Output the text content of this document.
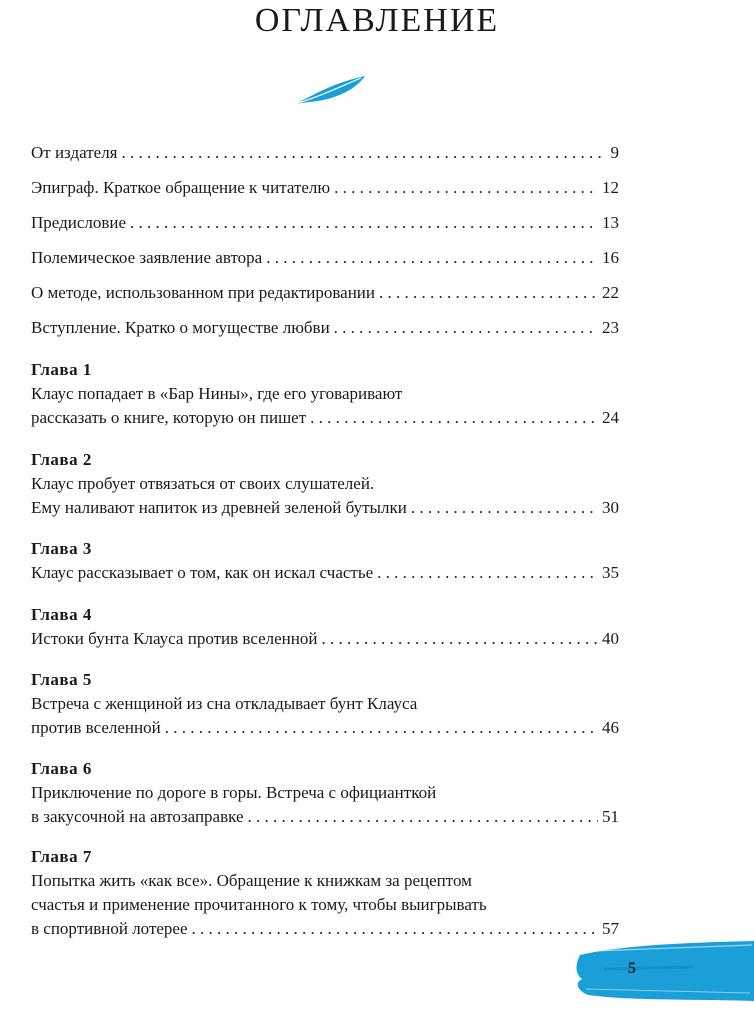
ОГЛАВЛЕНИЕ
От издателя . . .	9
Эпиграф. Краткое обращение к читателю . . .	12
Предисловие . . .	13
Полемическое заявление автора . . .	16
О методе, использованном при редактировании . . .	22
Вступление. Кратко о могуществе любви . . .	23
Глава 1
Клаус попадает в «Бар Нины», где его уговаривают
рассказать о книге, которую он пишет . . .	24
Глава 2
Клаус пробует отвязаться от своих слушателей.
Ему наливают напиток из древней зеленой бутылки . . .	30
Глава 3
Клаус рассказывает о том, как он искал счастье . . .	35
Глава 4
Истоки бунта Клауса против вселенной . . .	40
Глава 5
Встреча с женщиной из сна откладывает бунт Клауса
против вселенной . . .	46
Глава 6
Приключение по дороге в горы. Встреча с официанткой
в закусочной на автозаправке . . .	51
Глава 7
Попытка жить «как все». Обращение к книжкам за рецептом
счастья и применение прочитанного к тому, чтобы выигрывать
в спортивной лотерее . . .	57
5
